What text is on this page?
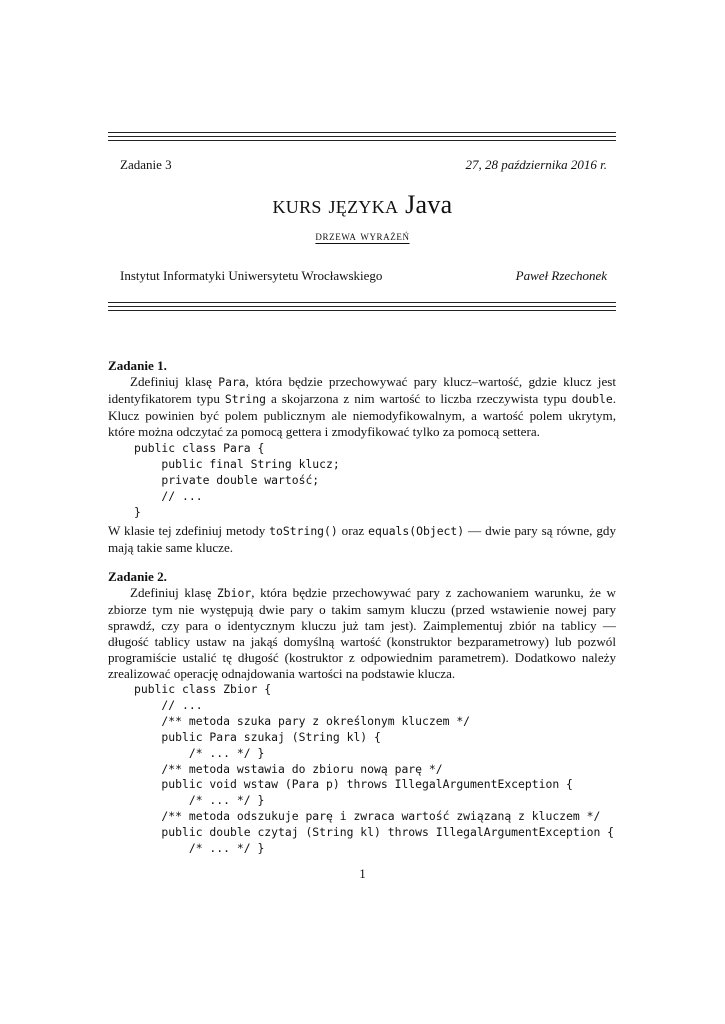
Zadanie 3	27, 28 października 2016 r.
kurs języka Java
drzewa wyrażeń
Instytut Informatyki Uniwersytetu Wrocławskiego	Paweł Rzechonek
Zadanie 1.
Zdefiniuj klasę Para, która będzie przechowywać pary klucz–wartość, gdzie klucz jest identyfikatorem typu String a skojarzona z nim wartość to liczba rzeczywista typu double. Klucz powinien być polem publicznym ale niemodyfikowalnym, a wartość polem ukrytym, które można odczytać za pomocą gettera i zmodyfikować tylko za pomocą settera.
public class Para {
public final String klucz;
private double wartość;
// ...
}
W klasie tej zdefiniuj metody toString() oraz equals(Object) — dwie pary są równe, gdy mają takie same klucze.
Zadanie 2.
Zdefiniuj klasę Zbior, która będzie przechowywać pary z zachowaniem warunku, że w zbiorze tym nie występują dwie pary o takim samym kluczu (przed wstawienie nowej pary sprawdź, czy para o identycznym kluczu już tam jest). Zaimplementuj zbiór na tablicy — długość tablicy ustaw na jakąś domyślną wartość (konstruktor bezparametrowy) lub pozwól programiście ustalić tę długość (kostruktor z odpowiednim parametrem). Dodatkowo należy zrealizować operację odnajdowania wartości na podstawie klucza.
public class Zbior {
// ...
/** metoda szuka pary z określonym kluczem */
public Para szukaj (String kl) {
/* ... */ }
/** metoda wstawia do zbioru nową parę */
public void wstaw (Para p) throws IllegalArgumentException {
/* ... */ }
/** metoda odszukuje parę i zwraca wartość związaną z kluczem */
public double czytaj (String kl) throws IllegalArgumentException {
/* ... */ }
1
